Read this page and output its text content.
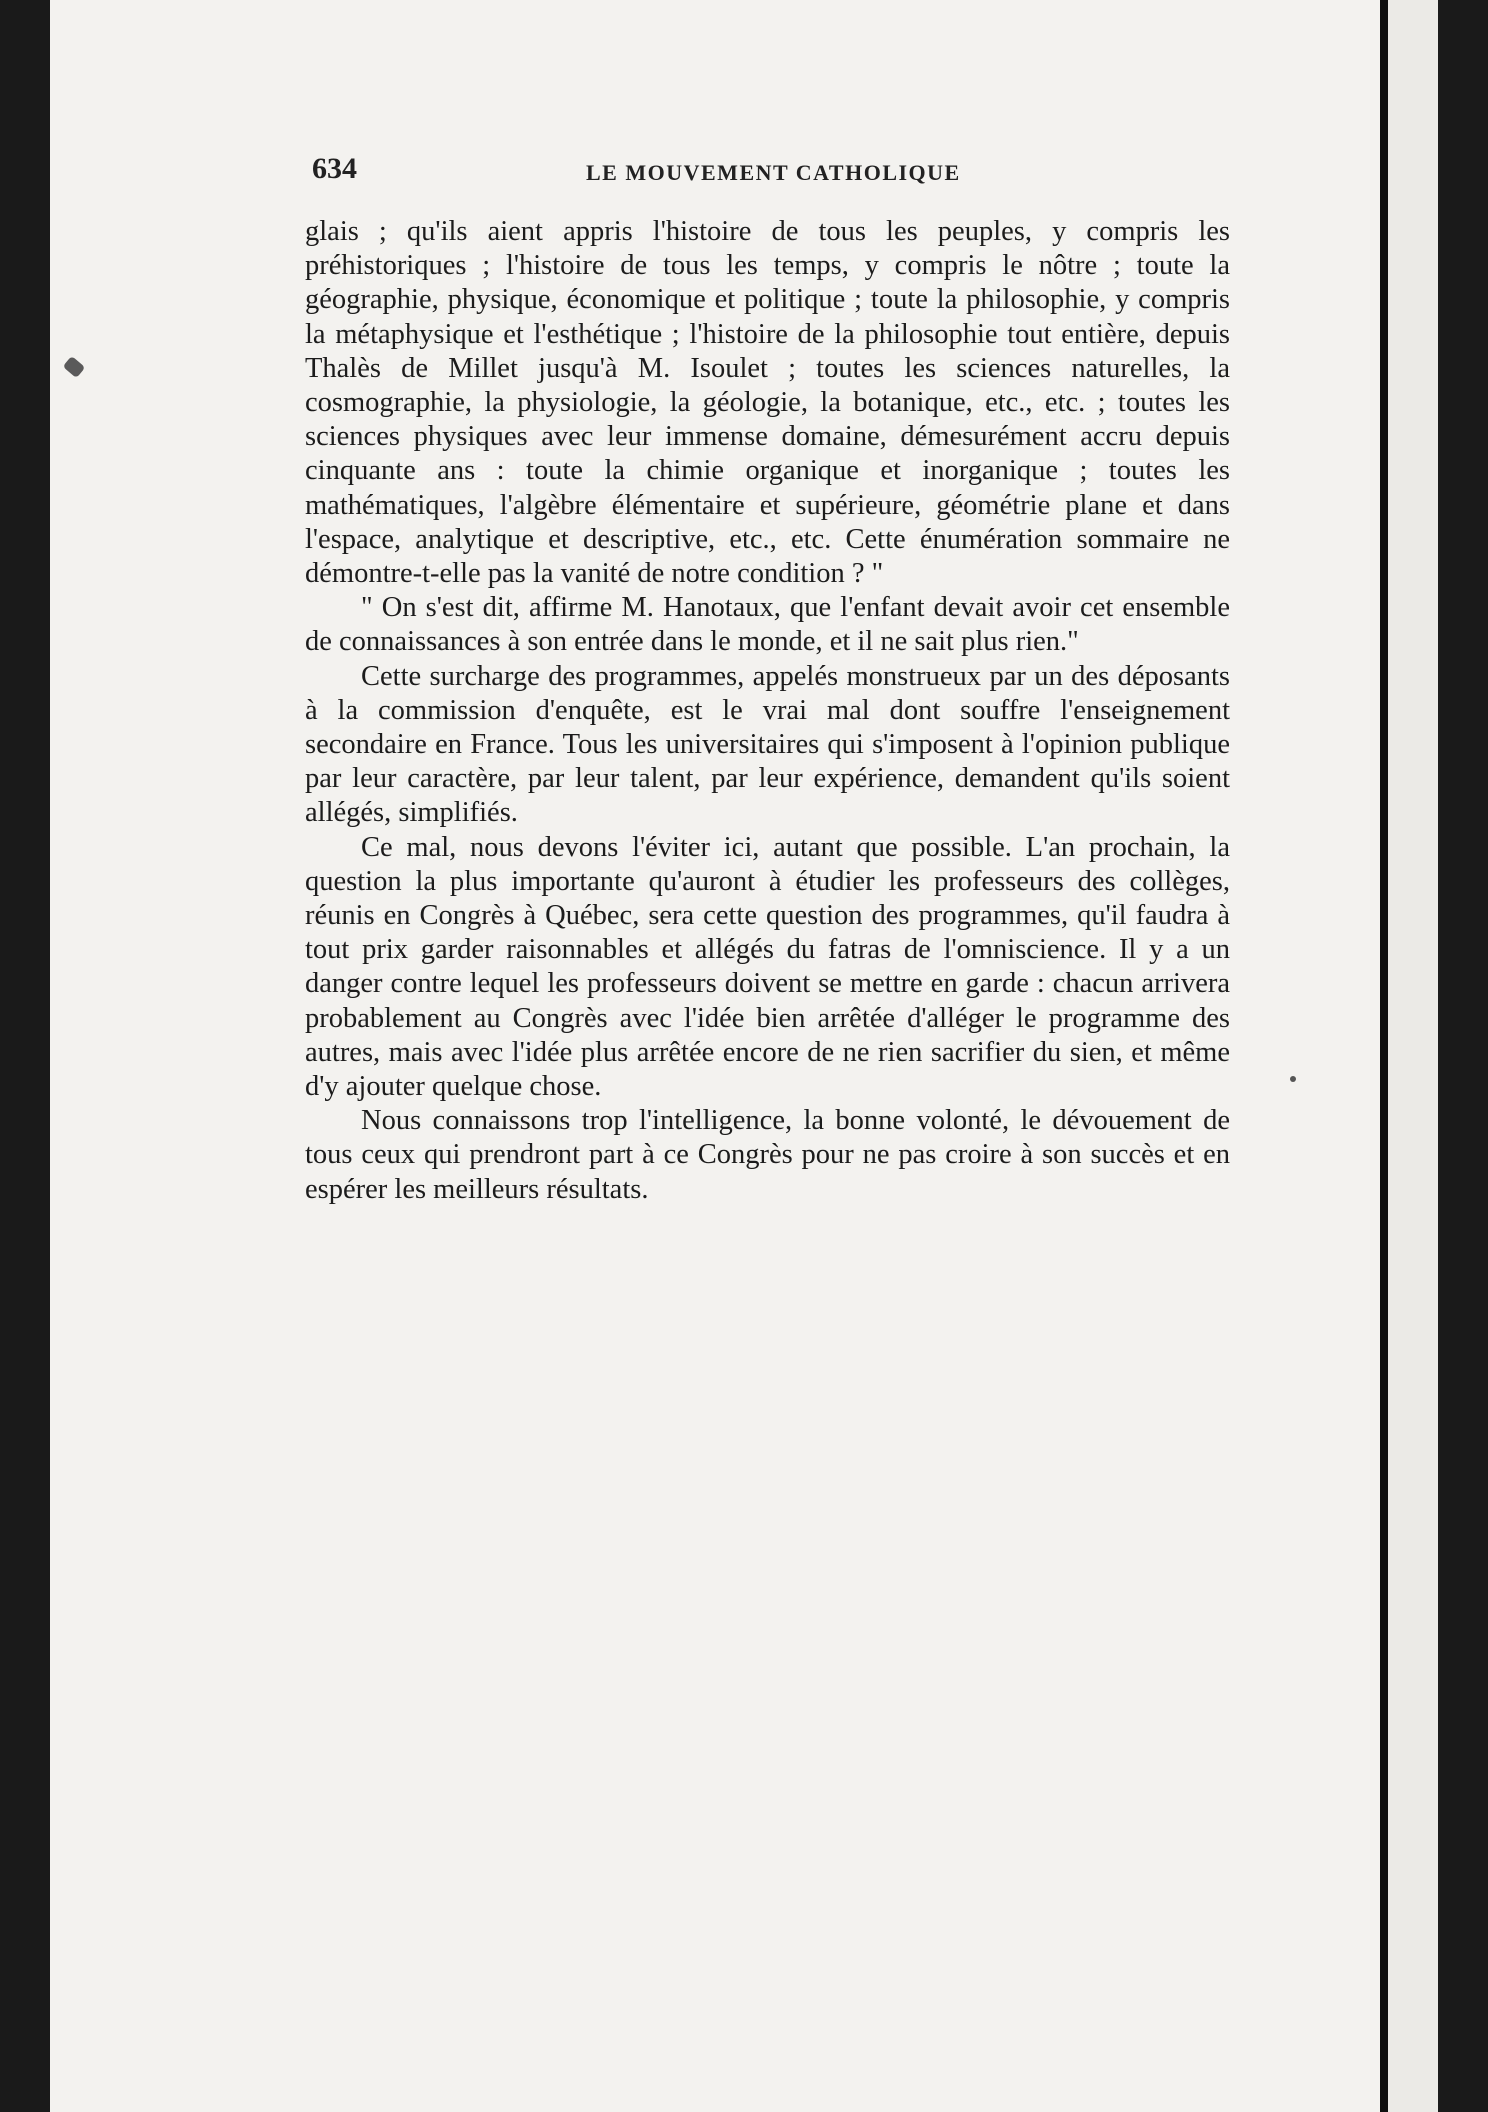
634	LE MOUVEMENT CATHOLIQUE

glais ; qu'ils aient appris l'histoire de tous les peuples, y compris les préhistoriques ; l'histoire de tous les temps, y compris le nôtre ; toute la géographie, physique, économique et politique ; toute la philosophie, y compris la métaphysique et l'esthétique ; l'histoire de la philosophie tout entière, depuis Thalès de Millet jusqu'à M. Isoulet ; toutes les sciences naturelles, la cosmographie, la physiologie, la géologie, la botanique, etc., etc. ; toutes les sciences physiques avec leur immense domaine, démesurément accru depuis cinquante ans : toute la chimie organique et inorganique ; toutes les mathématiques, l'algèbre élémentaire et supérieure, géométrie plane et dans l'espace, analytique et descriptive, etc., etc. Cette énumération sommaire ne démontre-t-elle pas la vanité de notre condition ? "

" On s'est dit, affirme M. Hanotaux, que l'enfant devait avoir cet ensemble de connaissances à son entrée dans le monde, et il ne sait plus rien."

Cette surcharge des programmes, appelés monstrueux par un des déposants à la commission d'enquête, est le vrai mal dont souffre l'enseignement secondaire en France. Tous les universitaires qui s'imposent à l'opinion publique par leur caractère, par leur talent, par leur expérience, demandent qu'ils soient allégés, simplifiés.

Ce mal, nous devons l'éviter ici, autant que possible. L'an prochain, la question la plus importante qu'auront à étudier les professeurs des collèges, réunis en Congrès à Québec, sera cette question des programmes, qu'il faudra à tout prix garder raisonnables et allégés du fatras de l'omniscience. Il y a un danger contre lequel les professeurs doivent se mettre en garde : chacun arrivera probablement au Congrès avec l'idée bien arrêtée d'alléger le programme des autres, mais avec l'idée plus arrêtée encore de ne rien sacrifier du sien, et même d'y ajouter quelque chose.

Nous connaissons trop l'intelligence, la bonne volonté, le dévouement de tous ceux qui prendront part à ce Congrès pour ne pas croire à son succès et en espérer les meilleurs résultats.
